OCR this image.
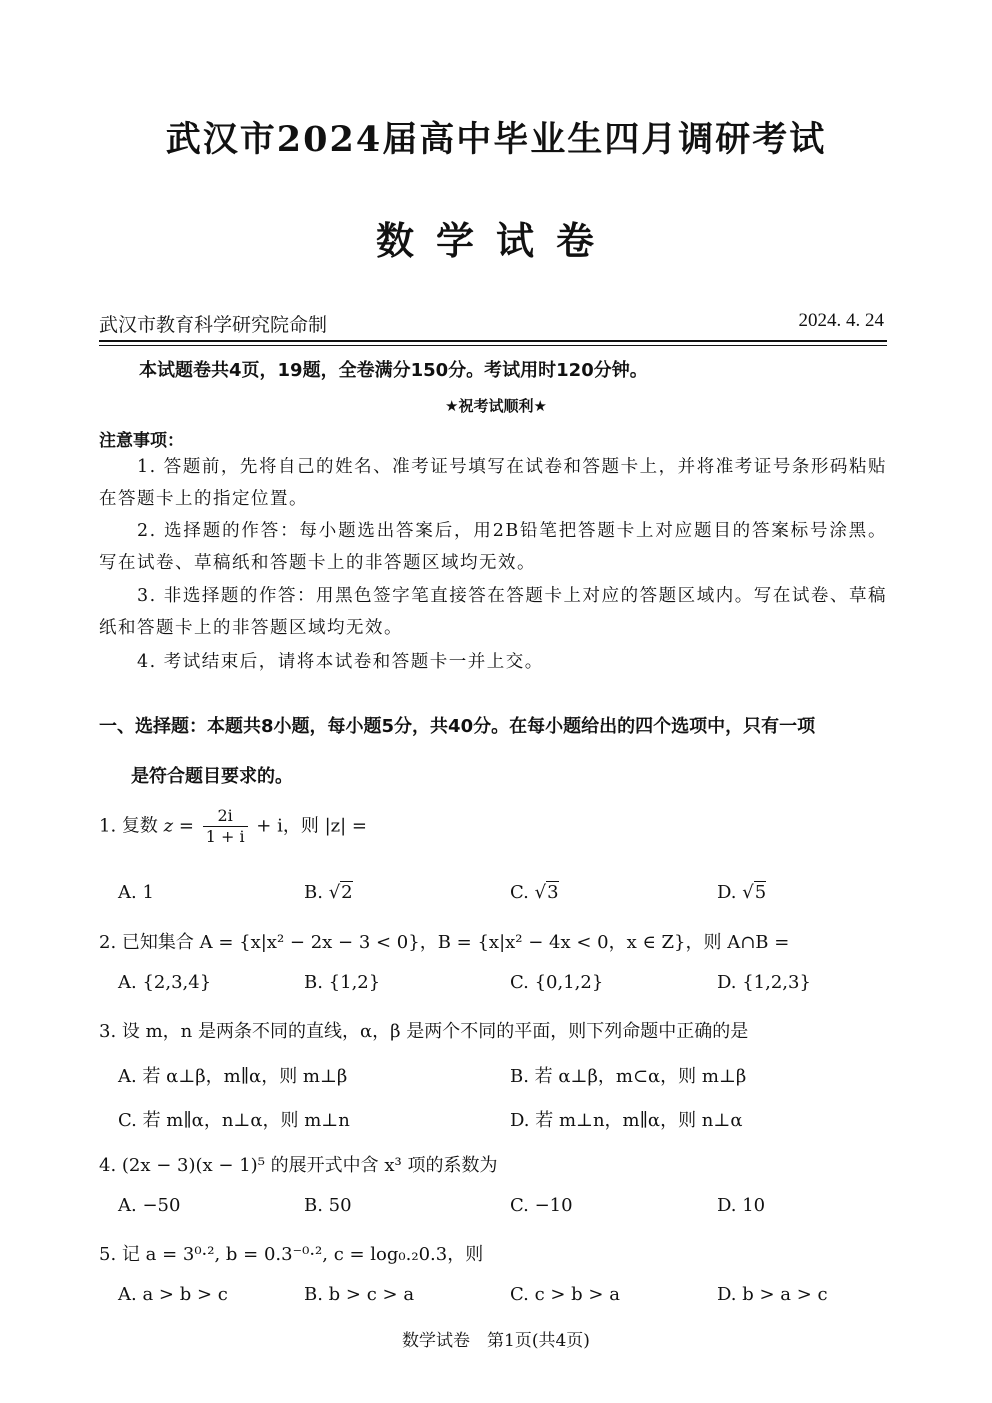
武汉市2024届高中毕业生四月调研考试
数学试卷
武汉市教育科学研究院命制	2024. 4. 24
本试题卷共4页，19题，全卷满分150分。考试用时120分钟。
★祝考试顺利★
注意事项：
1. 答题前，先将自己的姓名、准考证号填写在试卷和答题卡上，并将准考证号条形码粘贴在答题卡上的指定位置。
2. 选择题的作答：每小题选出答案后，用2B铅笔把答题卡上对应题目的答案标号涂黑。写在试卷、草稿纸和答题卡上的非答题区域均无效。
3. 非选择题的作答：用黑色签字笔直接答在答题卡上对应的答题区域内。写在试卷、草稿纸和答题卡上的非答题区域均无效。
4. 考试结束后，请将本试卷和答题卡一并上交。
一、选择题：本题共8小题，每小题5分，共40分。在每小题给出的四个选项中，只有一项
是符合题目要求的。
1. 复数 $z = \frac{2i}{1 + i} + i$，则 |z| =
A. 1	B. √2	C. √3	D. √5
2. 已知集合 A = {x|x² − 2x − 3 < 0}，B = {x|x² − 4x < 0，x ∈ Z}，则 A∩B =
A. {2,3,4}	B. {1,2}	C. {0,1,2}	D. {1,2,3}
3. 设 m，n 是两条不同的直线，α，β 是两个不同的平面，则下列命题中正确的是
A. 若 α⊥β，m∥α，则 m⊥β	B. 若 α⊥β，m⊂α，则 m⊥β
C. 若 m∥α，n⊥α，则 m⊥n	D. 若 m⊥n，m∥α，则 n⊥α
4. (2x − 3)(x − 1)⁵ 的展开式中含 x³ 项的系数为
A. −50	B. 50	C. −10	D. 10
5. 记 a = 3⁰·², b = 0.3⁻⁰·², c = log₀.₂0.3，则
A. a > b > c	B. b > c > a	C. c > b > a	D. b > a > c
数学试卷　第1页(共4页)
